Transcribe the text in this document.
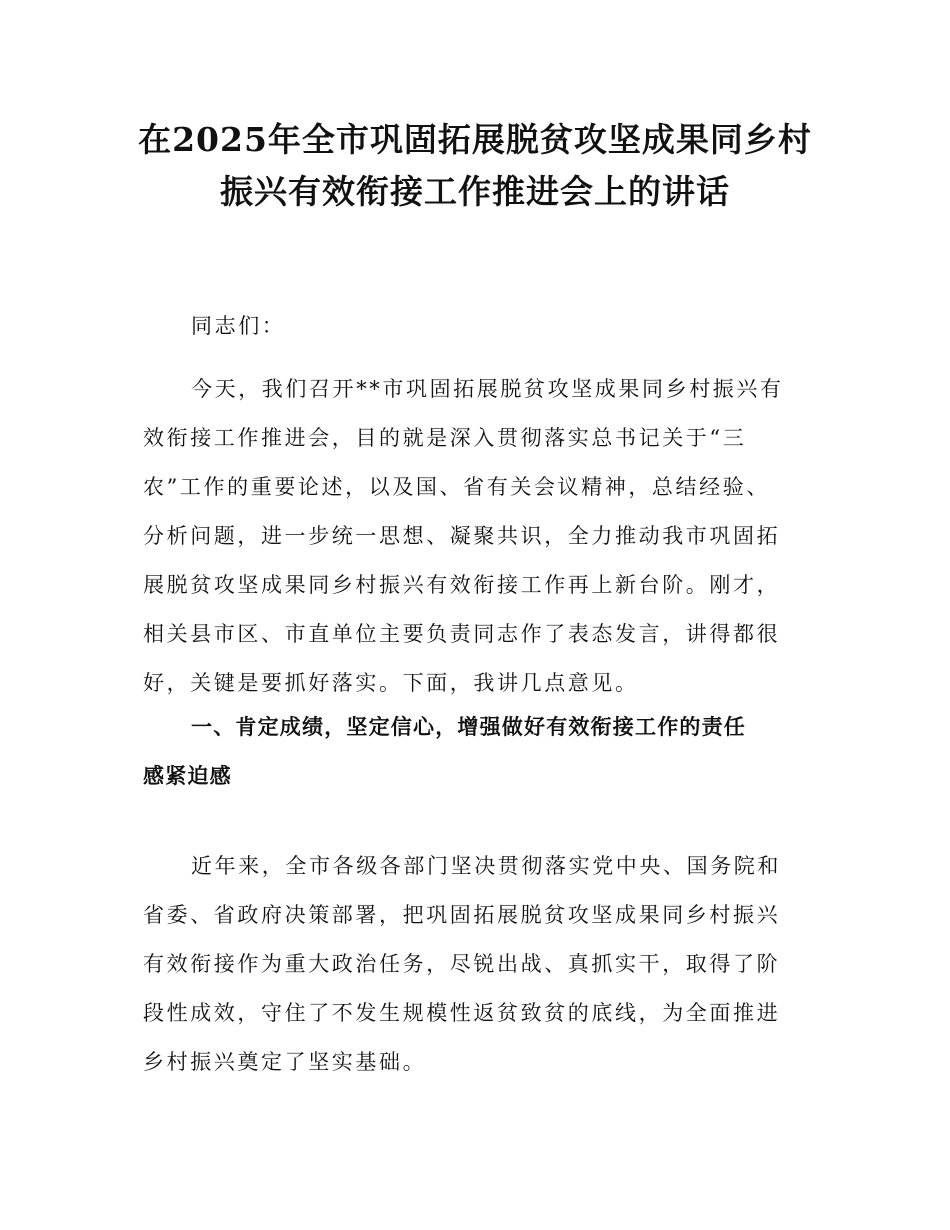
在2025年全市巩固拓展脱贫攻坚成果同乡村
振兴有效衔接工作推进会上的讲话
同志们：
今天，我们召开**市巩固拓展脱贫攻坚成果同乡村振兴有
效衔接工作推进会，目的就是深入贯彻落实总书记关于“三
农”工作的重要论述，以及国、省有关会议精神，总结经验、
分析问题，进一步统一思想、凝聚共识，全力推动我市巩固拓
展脱贫攻坚成果同乡村振兴有效衔接工作再上新台阶。刚才，
相关县市区、市直单位主要负责同志作了表态发言，讲得都很
好，关键是要抓好落实。下面，我讲几点意见。
一、肯定成绩，坚定信心，增强做好有效衔接工作的责任
感紧迫感
近年来，全市各级各部门坚决贯彻落实党中央、国务院和
省委、省政府决策部署，把巩固拓展脱贫攻坚成果同乡村振兴
有效衔接作为重大政治任务，尽锐出战、真抓实干，取得了阶
段性成效，守住了不发生规模性返贫致贫的底线，为全面推进
乡村振兴奠定了坚实基础。
